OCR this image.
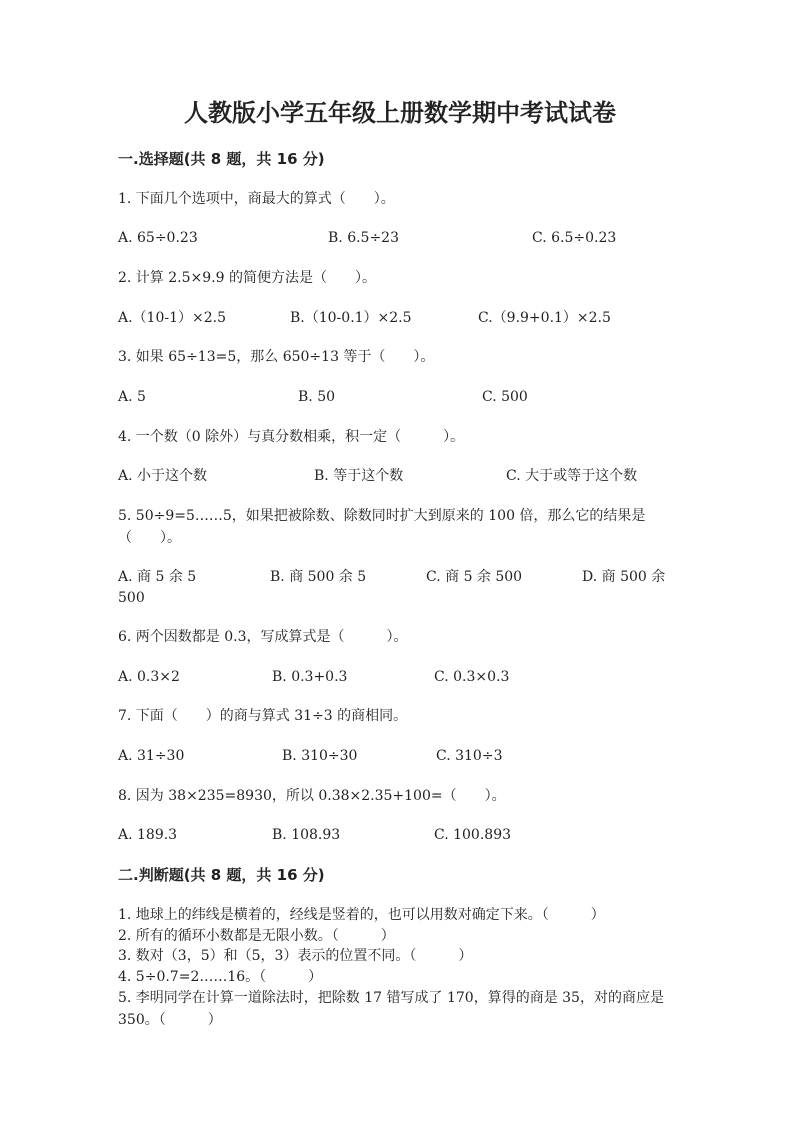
人教版小学五年级上册数学期中考试试卷
一.选择题(共 8 题，共 16 分)
1. 下面几个选项中，商最大的算式（　　）。
A. 65÷0.23	B. 6.5÷23	C. 6.5÷0.23
2. 计算 2.5×9.9 的简便方法是（　　）。
A.（10-1）×2.5	B.（10-0.1）×2.5	C.（9.9+0.1）×2.5
3. 如果 65÷13=5，那么 650÷13 等于（　　）。
A. 5	B. 50	C. 500
4. 一个数（0 除外）与真分数相乘，积一定（　　　）。
A. 小于这个数	B. 等于这个数	C. 大于或等于这个数
5. 50÷9=5……5，如果把被除数、除数同时扩大到原来的 100 倍，那么它的结果是（　　）。
A. 商 5 余 5	B. 商 500 余 5	C. 商 5 余 500	D. 商 500 余
500
6. 两个因数都是 0.3，写成算式是（　　　）。
A. 0.3×2	B. 0.3+0.3	C. 0.3×0.3
7. 下面（　　）的商与算式 31÷3 的商相同。
A. 31÷30	B. 310÷30	C. 310÷3
8. 因为 38×235=8930，所以 0.38×2.35+100=（　　）。
A. 189.3	B. 108.93	C. 100.893
二.判断题(共 8 题，共 16 分)
1. 地球上的纬线是横着的，经线是竖着的，也可以用数对确定下来。（　　　）
2. 所有的循环小数都是无限小数。（　　　）
3. 数对（3，5）和（5，3）表示的位置不同。（　　　）
4. 5÷0.7=2……16。（　　　）
5. 李明同学在计算一道除法时，把除数 17 错写成了 170，算得的商是 35，对的商应是 350。（　　　）
